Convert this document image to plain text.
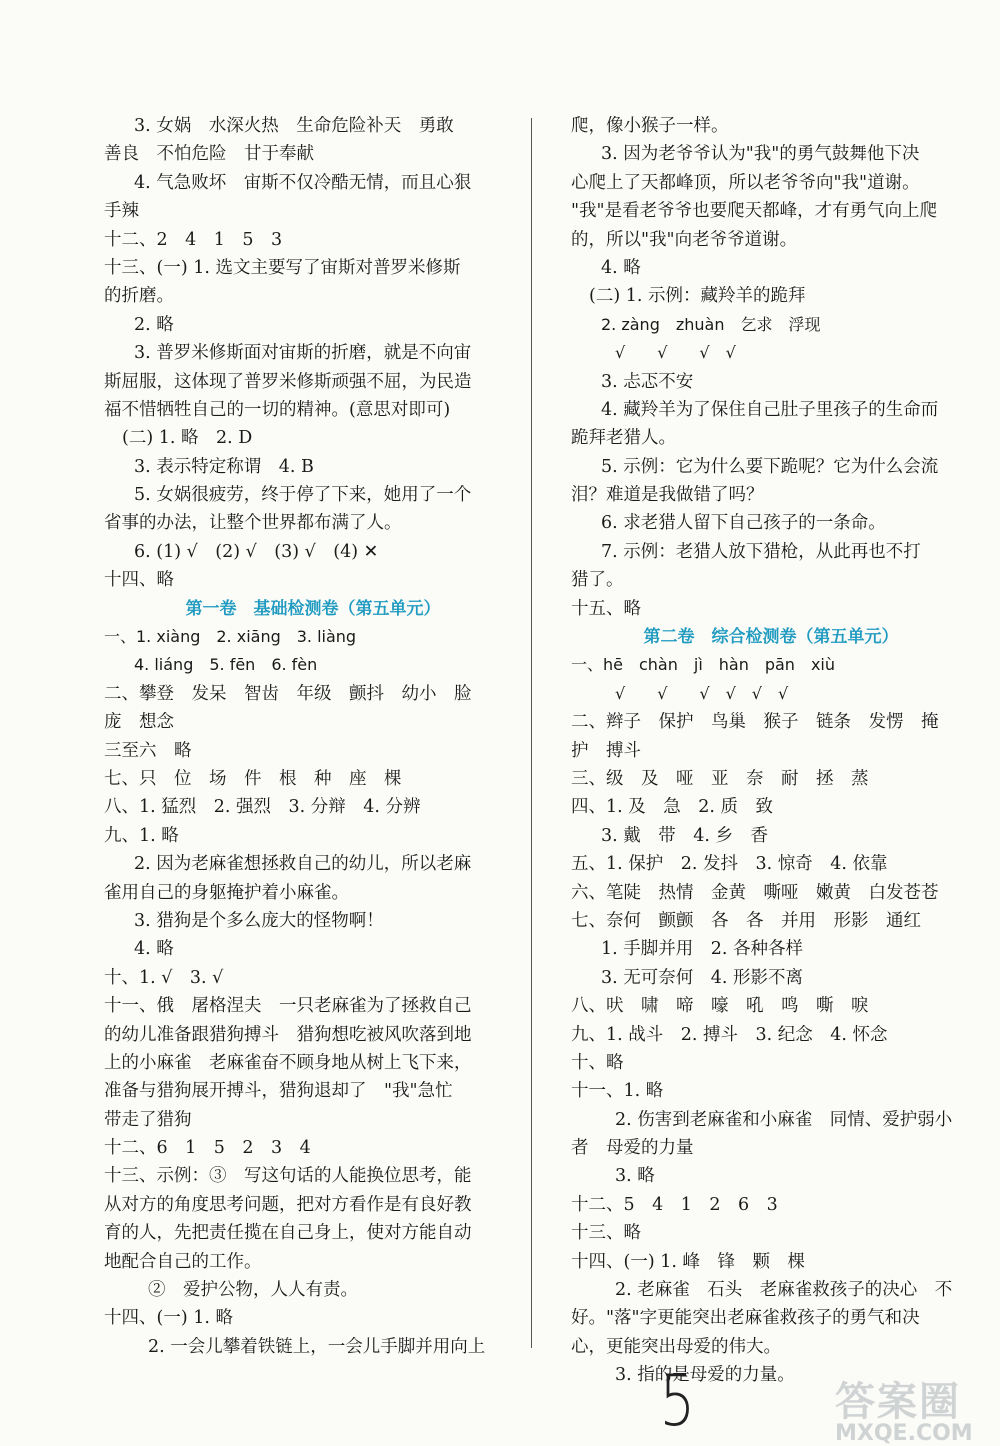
3. 女娲　水深火热　生命危险补天　勇敢
善良　不怕危险　甘于奉献
4. 气急败坏　宙斯不仅冷酷无情，而且心狠
手辣
十二、2　4　1　5　3
十三、(一) 1. 选文主要写了宙斯对普罗米修斯
的折磨。
2. 略
3. 普罗米修斯面对宙斯的折磨，就是不向宙
斯屈服，这体现了普罗米修斯顽强不屈，为民造
福不惜牺牲自己的一切的精神。(意思对即可)
(二) 1. 略　2. D
3. 表示特定称谓　4. B
5. 女娲很疲劳，终于停了下来，她用了一个
省事的办法，让整个世界都布满了人。
6. (1) √　(2) √　(3) √　(4) ✕
十四、略
第一卷　基础检测卷（第五单元）
一、1. xiàng　2. xiāng　3. liàng
4. liáng　5. fēn　6. fèn
二、攀登　发呆　智齿　年级　颤抖　幼小　脸
庞　想念
三至六　略
七、只　位　场　件　根　种　座　棵
八、1. 猛烈　2. 强烈　3. 分辩　4. 分辨
九、1. 略
2. 因为老麻雀想拯救自己的幼儿，所以老麻
雀用自己的身躯掩护着小麻雀。
3. 猎狗是个多么庞大的怪物啊！
4. 略
十、1. √　3. √
十一、俄　屠格涅夫　一只老麻雀为了拯救自己
的幼儿准备跟猎狗搏斗　猎狗想吃被风吹落到地
上的小麻雀　老麻雀奋不顾身地从树上飞下来，
准备与猎狗展开搏斗，猎狗退却了　"我"急忙
带走了猎狗
十二、6　1　5　2　3　4
十三、示例：③　写这句话的人能换位思考，能
从对方的角度思考问题，把对方看作是有良好教
育的人，先把责任揽在自己身上，使对方能自动
地配合自己的工作。
②　爱护公物，人人有责。
十四、(一) 1. 略
2. 一会儿攀着铁链上，一会儿手脚并用向上
爬，像小猴子一样。
3. 因为老爷爷认为"我"的勇气鼓舞他下决
心爬上了天都峰顶，所以老爷爷向"我"道谢。
"我"是看老爷爷也要爬天都峰，才有勇气向上爬
的，所以"我"向老爷爷道谢。
4. 略
(二) 1. 示例：藏羚羊的跪拜
2. zàng　zhuàn　乞求　浮现
√　　√　　√　√
3. 忐忑不安
4. 藏羚羊为了保住自己肚子里孩子的生命而
跪拜老猎人。
5. 示例：它为什么要下跪呢？它为什么会流
泪？难道是我做错了吗？
6. 求老猎人留下自己孩子的一条命。
7. 示例：老猎人放下猎枪，从此再也不打
猎了。
十五、略
第二卷　综合检测卷（第五单元）
一、hē　chàn　jì　hàn　pān　xiù
√　　√　　√　√　√　√
二、辫子　保护　鸟巢　猴子　链条　发愣　掩
护　搏斗
三、级　及　哑　亚　奈　耐　拯　蒸
四、1. 及　急　2. 质　致
3. 戴　带　4. 乡　香
五、1. 保护　2. 发抖　3. 惊奇　4. 依靠
六、笔陡　热情　金黄　嘶哑　嫩黄　白发苍苍
七、奈何　颤颤　各　各　并用　形影　通红
1. 手脚并用　2. 各种各样
3. 无可奈何　4. 形影不离
八、吠　啸　啼　嚎　吼　鸣　嘶　唳
九、1. 战斗　2. 搏斗　3. 纪念　4. 怀念
十、略
十一、1. 略
2. 伤害到老麻雀和小麻雀　同情、爱护弱小
者　母爱的力量
3. 略
十二、5　4　1　2　6　3
十三、略
十四、(一) 1. 峰　锋　颗　棵
2. 老麻雀　石头　老麻雀救孩子的决心　不
好。"落"字更能突出老麻雀救孩子的勇气和决
心，更能突出母爱的伟大。
3. 指的是母爱的力量。
5	答案圈
MXQE.COM
